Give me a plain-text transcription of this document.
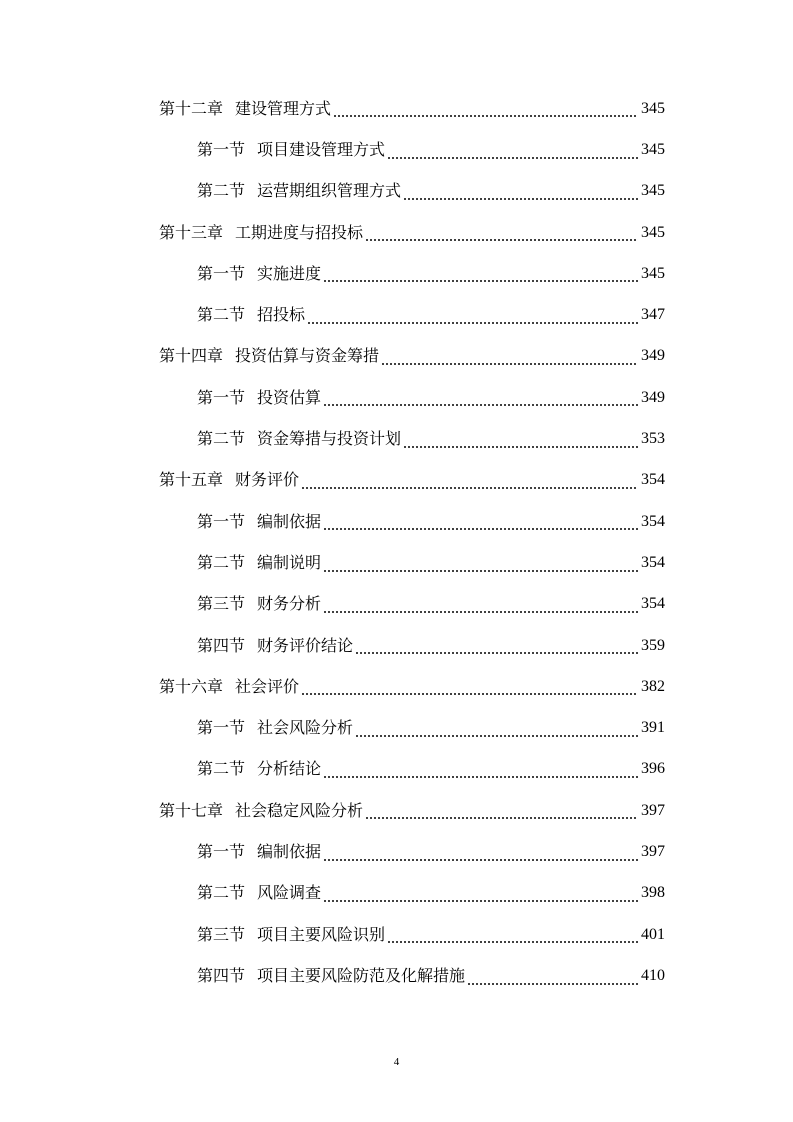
第十二章 建设管理方式	345
第一节 项目建设管理方式	345
第二节 运营期组织管理方式	345
第十三章 工期进度与招投标	345
第一节 实施进度	345
第二节 招投标	347
第十四章 投资估算与资金筹措	349
第一节 投资估算	349
第二节 资金筹措与投资计划	353
第十五章 财务评价	354
第一节 编制依据	354
第二节 编制说明	354
第三节 财务分析	354
第四节 财务评价结论	359
第十六章 社会评价	382
第一节 社会风险分析	391
第二节 分析结论	396
第十七章 社会稳定风险分析	397
第一节 编制依据	397
第二节 风险调查	398
第三节 项目主要风险识别	401
第四节 项目主要风险防范及化解措施	410
4
